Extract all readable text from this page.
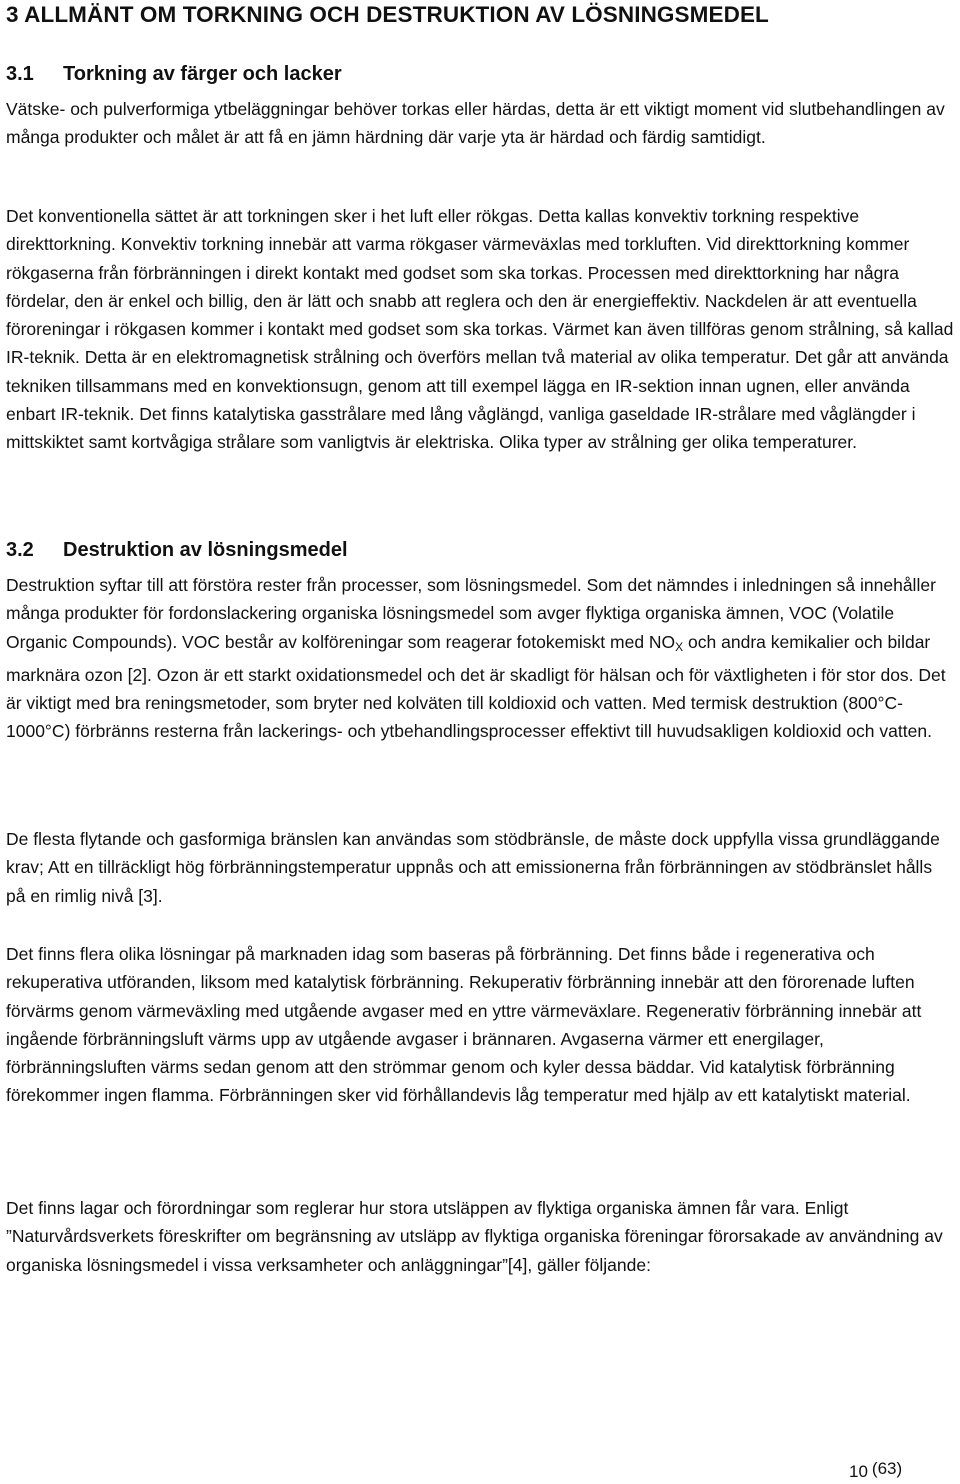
3 ALLMÄNT OM TORKNING OCH DESTRUKTION AV LÖSNINGSMEDEL
3.1 Torkning av färger och lacker

Vätske- och pulverformiga ytbeläggningar behöver torkas eller härdas, detta är ett viktigt moment vid slutbehandlingen av många produkter och målet är att få en jämn härdning där varje yta är härdad och färdig samtidigt.

Det konventionella sättet är att torkningen sker i het luft eller rökgas. Detta kallas konvektiv torkning respektive direkttorkning. Konvektiv torkning innebär att varma rökgaser värmeväxlas med torkluften. Vid direkttorkning kommer rökgaserna från förbränningen i direkt kontakt med godset som ska torkas. Processen med direkttorkning har några fördelar, den är enkel och billig, den är lätt och snabb att reglera och den är energieffektiv. Nackdelen är att eventuella föroreningar i rökgasen kommer i kontakt med godset som ska torkas. Värmet kan även tillföras genom strålning, så kallad IR-teknik. Detta är en elektromagnetisk strålning och överförs mellan två material av olika temperatur. Det går att använda tekniken tillsammans med en konvektionsugn, genom att till exempel lägga en IR-sektion innan ugnen, eller använda enbart IR-teknik. Det finns katalytiska gasstrålare med lång våglängd, vanliga gaseldade IR-strålare med våglängder i mittskiktet samt kortvågiga strålare som vanligtvis är elektriska. Olika typer av strålning ger olika temperaturer.

3.2 Destruktion av lösningsmedel

Destruktion syftar till att förstöra rester från processer, som lösningsmedel. Som det nämndes i inledningen så innehåller många produkter för fordonslackering organiska lösningsmedel som avger flyktiga organiska ämnen, VOC (Volatile Organic Compounds). VOC består av kolföreningar som reagerar fotokemiskt med $NO_X$ och andra kemikalier och bildar marknära ozon [2]. Ozon är ett starkt oxidationsmedel och det är skadligt för hälsan och för växtligheten i för stor dos. Det är viktigt med bra reningsmetoder, som bryter ned kolväten till koldioxid och vatten. Med termisk destruktion (800°C- 1000°C) förbränns resterna från lackerings- och ytbehandlingsprocesser effektivt till huvudsakligen koldioxid och vatten.

De flesta flytande och gasformiga bränslen kan användas som stödbränsle, de måste dock uppfylla vissa grundläggande krav; Att en tillräckligt hög förbränningstemperatur uppnås och att emissionerna från förbränningen av stödbränslet hålls på en rimlig nivå [3].

Det finns flera olika lösningar på marknaden idag som baseras på förbränning. Det finns både i regenerativa och rekuperativa utföranden, liksom med katalytisk förbränning. Rekuperativ förbränning innebär att den förorenade luften förvärms genom värmeväxling med utgående avgaser med en yttre värmeväxlare. Regenerativ förbränning innebär att ingående förbränningsluft värms upp av utgående avgaser i brännaren. Avgaserna värmer ett energilager, förbränningsluften värms sedan genom att den strömmar genom och kyler dessa bäddar. Vid katalytisk förbränning förekommer ingen flamma. Förbränningen sker vid förhållandevis låg temperatur med hjälp av ett katalytiskt material.

Det finns lagar och förordningar som reglerar hur stora utsläppen av flyktiga organiska ämnen får vara. Enligt ”Naturvårdsverkets föreskrifter om begränsning av utsläpp av flyktiga organiska föreningar förorsakade av användning av organiska lösningsmedel i vissa verksamheter och anläggningar”[4], gäller följande:

10 (63)
